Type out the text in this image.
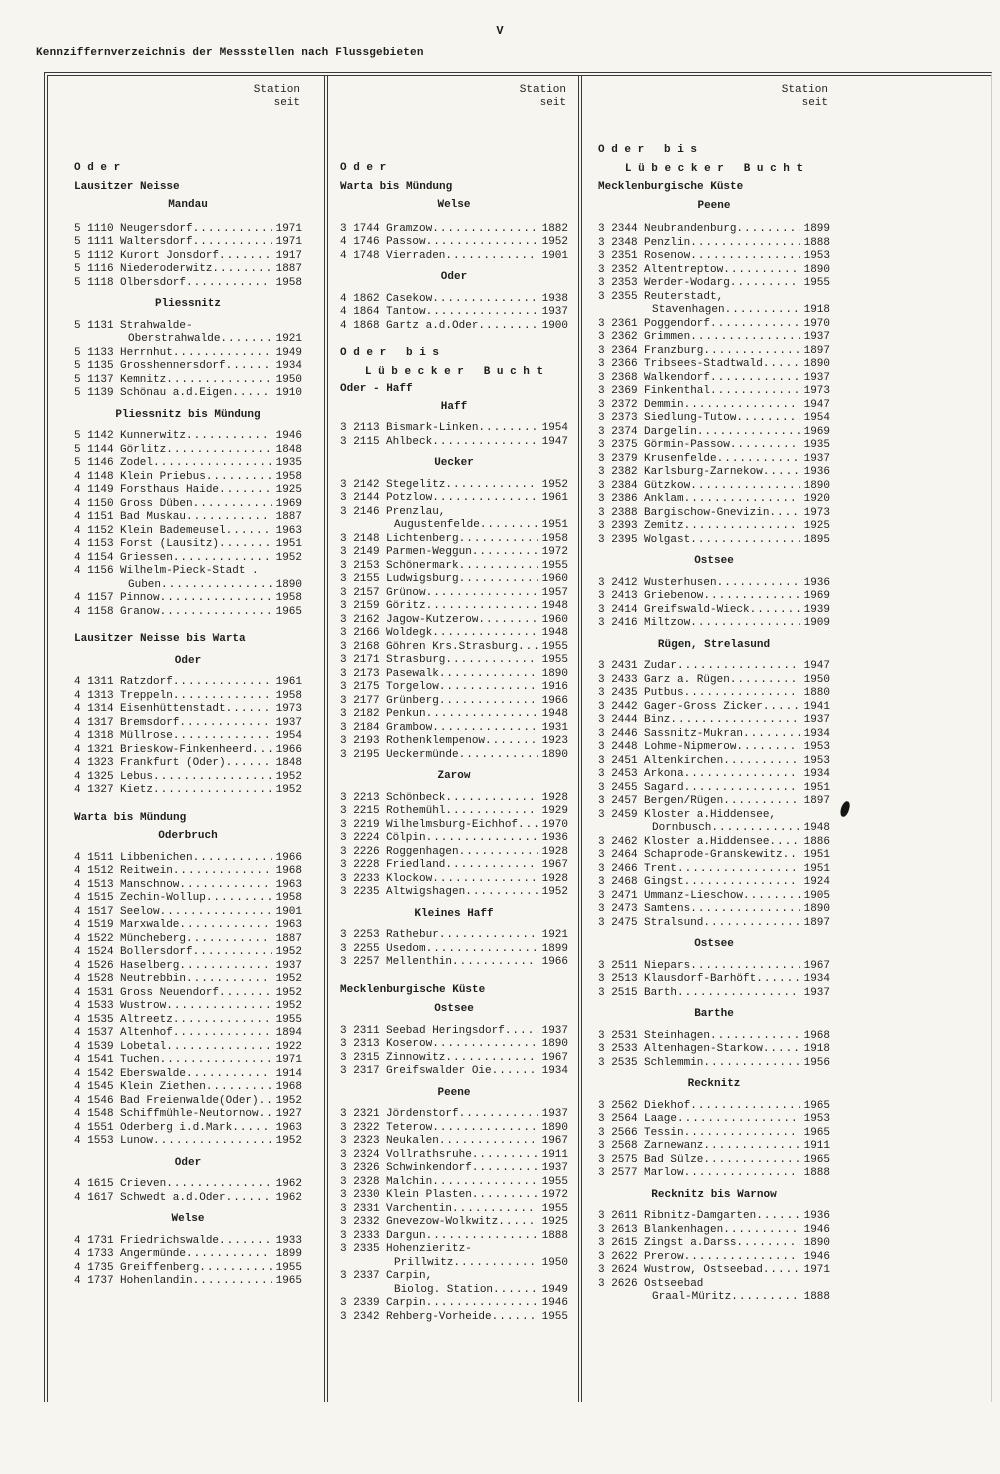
V
Kennziffernverzeichnis der Messstellen nach Flussgebieten
Station
seit
O d e r
Lausitzer Neisse
Mandau
5 1110 Neugersdorf .....	1971
5 1111 Waltersdorf .....	1971
5 1112 Kurort Jonsdorf .....	1917
5 1116 Niederoderwitz .....	1887
5 1118 Olbersdorf .....	1958
Pliessnitz
5 1131 Strahwalde-
Oberstrahwalde .....	1921
5 1133 Herrnhut .....	1949
5 1135 Grosshennersdorf .....	1934
5 1137 Kemnitz .....	1950
5 1139 Schönau a.d.Eigen .....	1910
Pliessnitz bis Mündung
5 1142 Kunnerwitz .....	1946
5 1144 Görlitz .....	1848
5 1146 Zodel .....	1935
4 1148 Klein Priebus .....	1958
4 1149 Forsthaus Haide .....	1925
4 1150 Gross Düben .....	1969
4 1151 Bad Muskau .....	1887
4 1152 Klein Bademeusel .....	1963
4 1153 Forst (Lausitz) .....	1951
4 1154 Griessen .....	1952
4 1156 Wilhelm-Pieck-Stadt .
Guben .....	1890
4 1157 Pinnow .....	1958
4 1158 Granow .....	1965
Lausitzer Neisse bis Warta
Oder
4 1311 Ratzdorf .....	1961
4 1313 Treppeln .....	1958
4 1314 Eisenhüttenstadt .....	1973
4 1317 Bremsdorf .....	1937
4 1318 Müllrose .....	1954
4 1321 Brieskow-Finkenheerd .....	1966
4 1323 Frankfurt (Oder) .....	1848
4 1325 Lebus .....	1952
4 1327 Kietz .....	1952
Warta bis Mündung
Oderbruch
4 1511 Libbenichen .....	1966
4 1512 Reitwein .....	1968
4 1513 Manschnow .....	1963
4 1515 Zechin-Wollup .....	1958
4 1517 Seelow .....	1901
4 1519 Marxwalde .....	1963
4 1522 Müncheberg .....	1887
4 1524 Bollersdorf .....	1952
4 1526 Haselberg .....	1937
4 1528 Neutrebbin .....	1952
4 1531 Gross Neuendorf .....	1952
4 1533 Wustrow .....	1952
4 1535 Altreetz .....	1955
4 1537 Altenhof .....	1894
4 1539 Lobetal .....	1922
4 1541 Tuchen .....	1971
4 1542 Eberswalde .....	1914
4 1545 Klein Ziethen .....	1968
4 1546 Bad Freienwalde(Oder) .....	1952
4 1548 Schiffmühle-Neutornow .....	1927
4 1551 Oderberg i.d.Mark .....	1963
4 1553 Lunow .....	1952
Oder
4 1615 Crieven .....	1962
4 1617 Schwedt a.d.Oder .....	1962
Welse
4 1731 Friedrichswalde .....	1933
4 1733 Angermünde .....	1899
4 1735 Greiffenberg .....	1955
4 1737 Hohenlandin .....	1965
Station
seit
O d e r
Warta bis Mündung
Welse
3 1744 Gramzow .....	1882
4 1746 Passow .....	1952
4 1748 Vierraden .....	1901
Oder
4 1862 Casekow .....	1938
4 1864 Tantow .....	1937
4 1868 Gartz a.d.Oder .....	1900
O d e r   b i s
L ü b e c k e r   B u c h t
Oder - Haff
Haff
3 2113 Bismark-Linken .....	1954
3 2115 Ahlbeck .....	1947
Uecker
3 2142 Stegelitz .....	1952
3 2144 Potzlow .....	1961
3 2146 Prenzlau,
Augustenfelde .....	1951
3 2148 Lichtenberg .....	1958
3 2149 Parmen-Weggun .....	1972
3 2153 Schönermark .....	1955
3 2155 Ludwigsburg .....	1960
3 2157 Grünow .....	1957
3 2159 Göritz .....	1948
3 2162 Jagow-Kutzerow .....	1960
3 2166 Woldegk .....	1948
3 2168 Göhren Krs.Strasburg .....	1955
3 2171 Strasburg .....	1955
3 2173 Pasewalk .....	1890
3 2175 Torgelow .....	1916
3 2177 Grünberg .....	1966
3 2182 Penkun .....	1948
3 2184 Grambow .....	1931
3 2193 Rothenklempenow .....	1923
3 2195 Ueckermünde .....	1890
Zarow
3 2213 Schönbeck .....	1928
3 2215 Rothemühl .....	1929
3 2219 Wilhelmsburg-Eichhof .....	1970
3 2224 Cölpin .....	1936
3 2226 Roggenhagen .....	1928
3 2228 Friedland .....	1967
3 2233 Klockow .....	1928
3 2235 Altwigshagen .....	1952
Kleines Haff
3 2253 Rathebur .....	1921
3 2255 Usedom .....	1899
3 2257 Mellenthin .....	1966
Mecklenburgische Küste
Ostsee
3 2311 Seebad Heringsdorf .....	1937
3 2313 Koserow .....	1890
3 2315 Zinnowitz .....	1967
3 2317 Greifswalder Oie .....	1934
Peene
3 2321 Jördenstorf .....	1937
3 2322 Teterow .....	1890
3 2323 Neukalen .....	1967
3 2324 Vollrathsruhe .....	1911
3 2326 Schwinkendorf .....	1937
3 2328 Malchin .....	1955
3 2330 Klein Plasten .....	1972
3 2331 Varchentin .....	1955
3 2332 Gnevezow-Wolkwitz .....	1925
3 2333 Dargun .....	1888
3 2335 Hohenzieritz-
Prillwitz .....	1950
3 2337 Carpin,
Biolog. Station .....	1949
3 2339 Carpin .....	1946
3 2342 Rehberg-Vorheide .....	1955
Station
seit
O d e r   b i s
L ü b e c k e r   B u c h t
Mecklenburgische Küste
Peene
3 2344 Neubrandenburg .....	1899
3 2348 Penzlin .....	1888
3 2351 Rosenow .....	1953
3 2352 Altentreptow .....	1890
3 2353 Werder-Wodarg .....	1955
3 2355 Reuterstadt,
Stavenhagen .....	1918
3 2361 Poggendorf .....	1970
3 2362 Grimmen .....	1937
3 2364 Franzburg .....	1897
3 2366 Tribsees-Stadtwald .....	1890
3 2368 Walkendorf .....	1937
3 2369 Finkenthal .....	1973
3 2372 Demmin .....	1947
3 2373 Siedlung-Tutow .....	1954
3 2374 Dargelin .....	1969
3 2375 Görmin-Passow .....	1935
3 2379 Krusenfelde .....	1937
3 2382 Karlsburg-Zarnekow .....	1936
3 2384 Gützkow .....	1890
3 2386 Anklam .....	1920
3 2388 Bargischow-Gnevizin .....	1973
3 2393 Zemitz .....	1925
3 2395 Wolgast .....	1895
Ostsee
3 2412 Wusterhusen .....	1936
3 2413 Griebenow .....	1969
3 2414 Greifswald-Wieck .....	1939
3 2416 Miltzow .....	1909
Rügen, Strelasund
3 2431 Zudar .....	1947
3 2433 Garz a. Rügen .....	1950
3 2435 Putbus .....	1880
3 2442 Gager-Gross Zicker .....	1941
3 2444 Binz .....	1937
3 2446 Sassnitz-Mukran .....	1934
3 2448 Lohme-Nipmerow .....	1953
3 2451 Altenkirchen .....	1953
3 2453 Arkona .....	1934
3 2455 Sagard .....	1951
3 2457 Bergen/Rügen .....	1897
3 2459 Kloster a.Hiddensee,
Dornbusch .....	1948
3 2462 Kloster a.Hiddensee .....	1886
3 2464 Schaprode-Granskewitz .....	1951
3 2466 Trent .....	1951
3 2468 Gingst .....	1924
3 2471 Ummanz-Lieschow .....	1905
3 2473 Samtens .....	1890
3 2475 Stralsund .....	1897
Ostsee
3 2511 Niepars .....	1967
3 2513 Klausdorf-Barhöft .....	1934
3 2515 Barth .....	1937
Barthe
3 2531 Steinhagen .....	1968
3 2533 Altenhagen-Starkow .....	1918
3 2535 Schlemmin .....	1956
Recknitz
3 2562 Diekhof .....	1965
3 2564 Laage .....	1953
3 2566 Tessin .....	1965
3 2568 Zarnewanz .....	1911
3 2575 Bad Sülze .....	1965
3 2577 Marlow .....	1888
Recknitz bis Warnow
3 2611 Ribnitz-Damgarten .....	1936
3 2613 Blankenhagen .....	1946
3 2615 Zingst a.Darss .....	1890
3 2622 Prerow .....	1946
3 2624 Wustrow, Ostseebad .....	1971
3 2626 Ostseebad
Graal-Müritz .....	1888
